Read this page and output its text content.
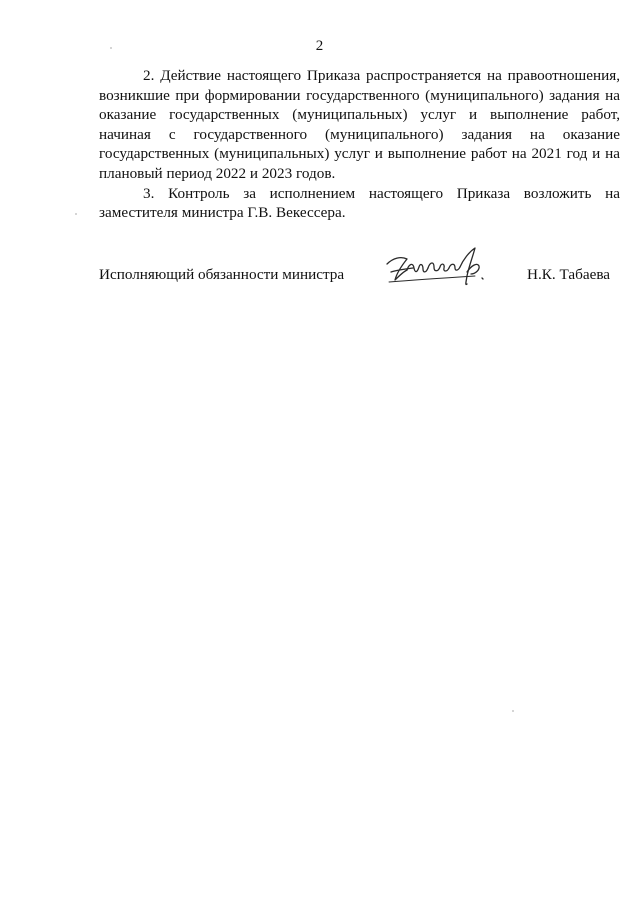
2

2. Действие настоящего Приказа распространяется на правоотношения, возникшие при формировании государственного (муниципального) задания на оказание государственных (муниципальных) услуг и выполнение работ, начиная с государственного (муниципального) задания на оказание государственных (муниципальных) услуг и выполнение работ на 2021 год и на плановый период 2022 и 2023 годов.

3. Контроль за исполнением настоящего Приказа возложить на заместителя министра Г.В. Векессера.

Исполняющий обязанности министра	Н.К. Табаева
